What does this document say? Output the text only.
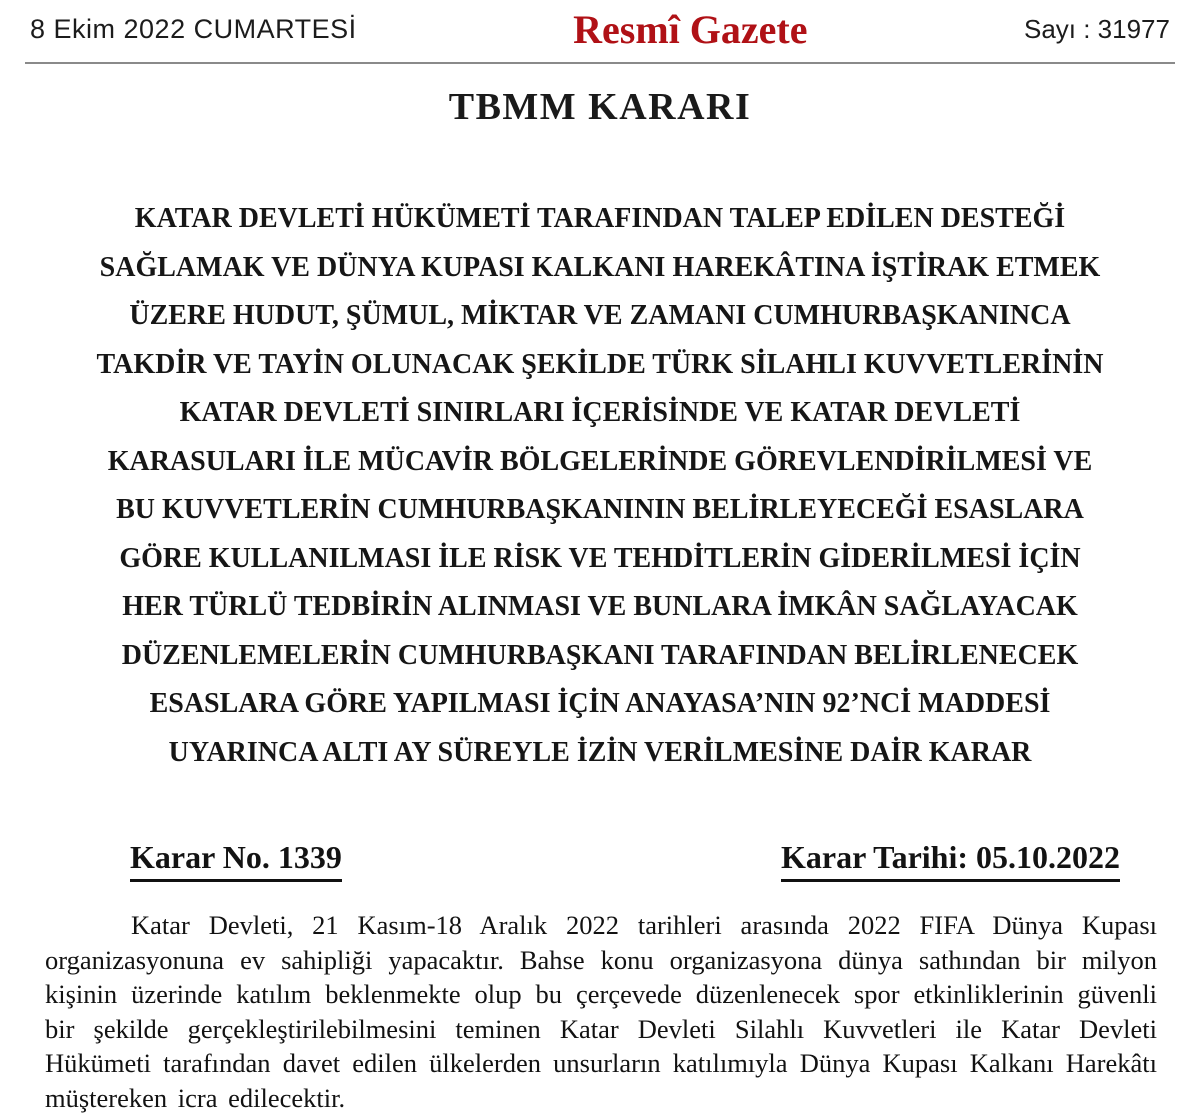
8 Ekim 2022 CUMARTESİ	Resmî Gazete	Sayı : 31977
TBMM KARARI
KATAR DEVLETİ HÜKÜMETİ TARAFINDAN TALEP EDİLEN DESTEĞİ
SAĞLAMAK VE DÜNYA KUPASI KALKANI HAREKÂTINA İŞTİRAK ETMEK
ÜZERE HUDUT, ŞÜMUL, MİKTAR VE ZAMANI CUMHURBAŞKANINCA
TAKDİR VE TAYİN OLUNACAK ŞEKİLDE TÜRK SİLAHLI KUVVETLERİNİN
KATAR DEVLETİ SINIRLARI İÇERİSİNDE VE KATAR DEVLETİ
KARASULARI İLE MÜCAVİR BÖLGELERİNDE GÖREVLENDİRİLMESİ VE
BU KUVVETLERİN CUMHURBAŞKANININ BELİRLEYECEĞİ ESASLARA
GÖRE KULLANILMASI İLE RİSK VE TEHDİTLERİN GİDERİLMESİ İÇİN
HER TÜRLÜ TEDBİRİN ALINMASI VE BUNLARA İMKÂN SAĞLAYACAK
DÜZENLEMELERİN CUMHURBAŞKANI TARAFINDAN BELİRLENECEK
ESASLARA GÖRE YAPILMASI İÇİN ANAYASA’NIN 92’NCİ MADDESİ
UYARINCA ALTI AY SÜREYLE İZİN VERİLMESİNE DAİR KARAR
Karar No. 1339	Karar Tarihi: 05.10.2022

Katar Devleti, 21 Kasım-18 Aralık 2022 tarihleri arasında 2022 FIFA Dünya Kupası organizasyonuna ev sahipliği yapacaktır. Bahse konu organizasyona dünya sathından bir milyon kişinin üzerinde katılım beklenmekte olup bu çerçevede düzenlenecek spor etkinliklerinin güvenli bir şekilde gerçekleştirilebilmesini teminen Katar Devleti Silahlı Kuvvetleri ile Katar Devleti Hükümeti tarafından davet edilen ülkelerden unsurların katılımıyla Dünya Kupası Kalkanı Harekâtı müştereken icra edilecektir.
